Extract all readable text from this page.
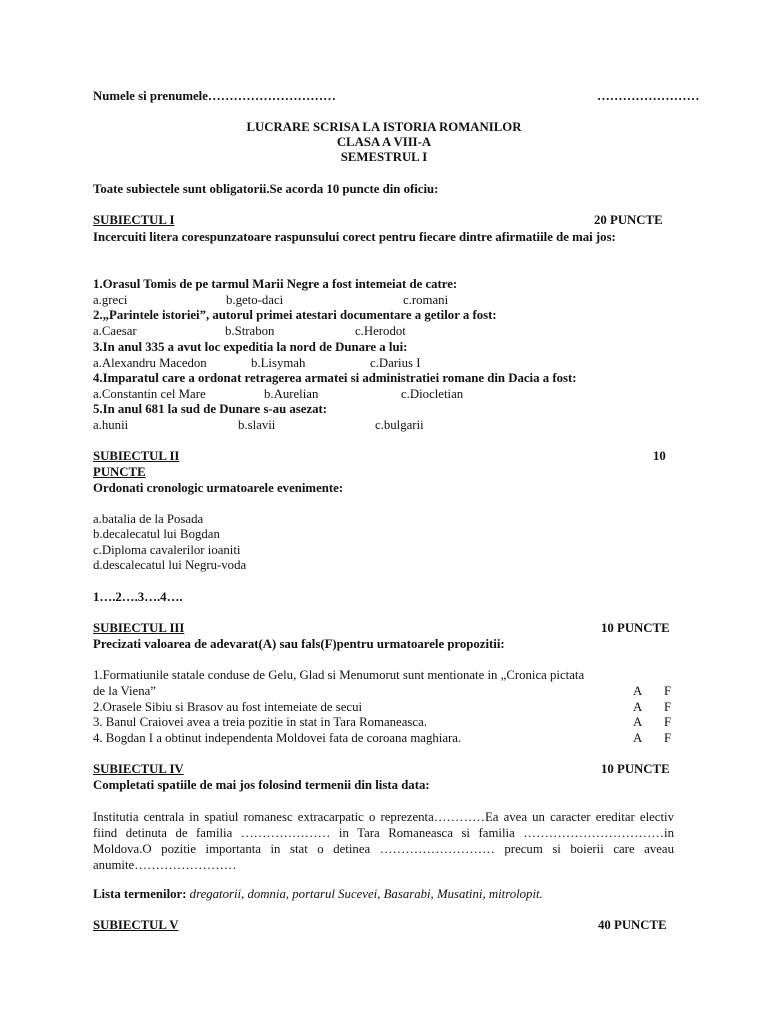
Numele si prenumele…………………………	……………………
LUCRARE SCRISA LA ISTORIA ROMANILOR
CLASA A VIII-A
SEMESTRUL I
Toate subiectele sunt obligatorii.Se acorda 10 puncte din oficiu:
SUBIECTUL I	20 PUNCTE
Incercuiti litera corespunzatoare raspunsului corect pentru fiecare dintre afirmatiile de mai jos:
1.Orasul Tomis de pe tarmul Marii Negre a fost intemeiat de catre:
a.greci	b.geto-daci	c.romani
2.„Parintele istoriei”, autorul primei atestari documentare a getilor a fost:
a.Caesar	b.Strabon	c.Herodot
3.In anul 335 a avut loc expeditia la nord de Dunare a lui:
a.Alexandru Macedon	b.Lisymah	c.Darius I
4.Imparatul care a ordonat retragerea armatei si administratiei romane din Dacia a fost:
a.Constantin cel Mare	b.Aurelian	c.Diocletian
5.In anul 681 la sud de Dunare s-au asezat:
a.hunii	b.slavii	c.bulgarii
SUBIECTUL II	10
PUNCTE
Ordonati cronologic urmatoarele evenimente:
a.batalia de la Posada
b.decalecatul lui Bogdan
c.Diploma cavalerilor ioaniti
d.descalecatul lui Negru-voda
1….2….3….4….
SUBIECTUL III	10 PUNCTE
Precizati valoarea de adevarat(A) sau fals(F)pentru urmatoarele propozitii:
1.Formatiunile statale conduse de Gelu, Glad si Menumorut sunt mentionate in „Cronica pictata
de la Viena”	A F
2.Orasele Sibiu si Brasov au fost intemeiate de secui	A F
3. Banul Craiovei avea a treia pozitie in stat in Tara Romaneasca.	A F
4. Bogdan I a obtinut independenta Moldovei fata de coroana maghiara.	A F
SUBIECTUL IV	10 PUNCTE
Completati spatiile de mai jos folosind termenii din lista data:
Institutia centrala in spatiul romanesc extracarpatic o reprezenta…………Ea avea un caracter ereditar electiv fiind detinuta de familia ………………… in Tara Romaneasca si familia ……………………………in Moldova.O pozitie importanta in stat o detinea ……………………… precum si boierii care aveau anumite……………………
Lista termenilor: dregatorii, domnia, portarul Sucevei, Basarabi, Musatini, mitrolopit.
SUBIECTUL V	40 PUNCTE
